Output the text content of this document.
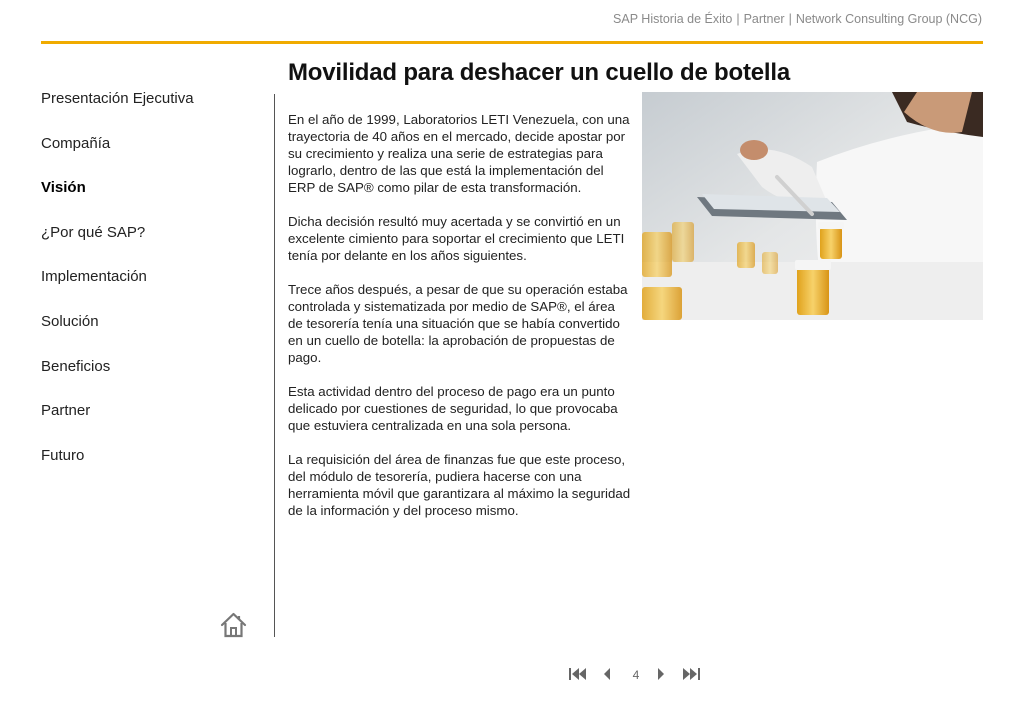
SAP Historia de Éxito | Partner | Network Consulting Group (NCG)
Movilidad para deshacer un cuello de botella
Presentación Ejecutiva
Compañía
Visión
¿Por qué SAP?
Implementación
Solución
Beneficios
Partner
Futuro

En el año de 1999, Laboratorios LETI Venezuela, con una trayectoria de 40 años en el mercado, decide apostar por su crecimiento y realiza una serie de estrategias para lograrlo, dentro de las que está la implementación del ERP de SAP® como pilar de esta transformación.

Dicha decisión resultó muy acertada y se convirtió en un excelente cimiento para soportar el crecimiento que LETI tenía por delante en los años siguientes.

Trece años después, a pesar de que su operación estaba controlada y sistematizada por medio de SAP®, el área de tesorería tenía una situación que se había convertido en un cuello de botella: la aprobación de propuestas de pago.

Esta actividad dentro del proceso de pago era un punto delicado por cuestiones de seguridad, lo que provocaba que estuviera centralizada en una sola persona.

La requisición del área de finanzas fue que este proceso, del módulo de tesorería, pudiera hacerse con una herramienta móvil que garantizara al máximo la seguridad de la información y del proceso mismo.

4
